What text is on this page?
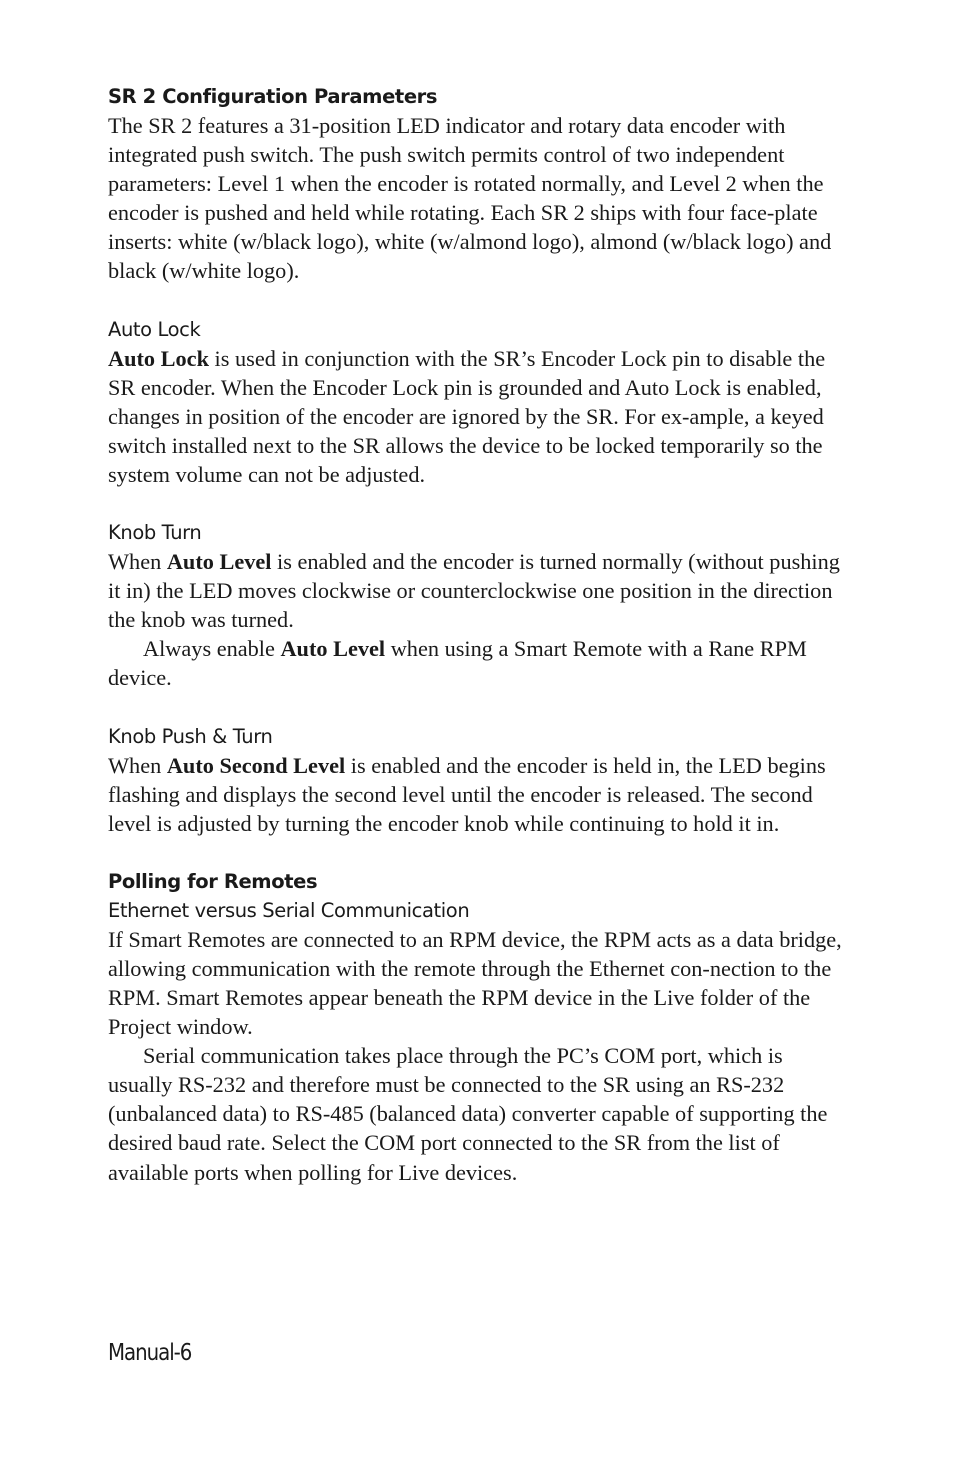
SR 2 Configuration Parameters

The SR 2 features a 31-position LED indicator and rotary data encoder with integrated push switch. The push switch permits control of two independent parameters: Level 1 when the encoder is rotated normally, and Level 2 when the encoder is pushed and held while rotating. Each SR 2 ships with four face-plate inserts: white (w/black logo), white (w/almond logo), almond (w/black logo) and black (w/white logo).

Auto Lock

Auto Lock is used in conjunction with the SR’s Encoder Lock pin to disable the SR encoder. When the Encoder Lock pin is grounded and Auto Lock is enabled, changes in position of the encoder are ignored by the SR. For ex-ample, a keyed switch installed next to the SR allows the device to be locked temporarily so the system volume can not be adjusted.

Knob Turn

When Auto Level is enabled and the encoder is turned normally (without pushing it in) the LED moves clockwise or counterclockwise one position in the direction the knob was turned.

Always enable Auto Level when using a Smart Remote with a Rane RPM device.

Knob Push & Turn

When Auto Second Level is enabled and the encoder is held in, the LED begins flashing and displays the second level until the encoder is released. The second level is adjusted by turning the encoder knob while continuing to hold it in.

Polling for Remotes
Ethernet versus Serial Communication

If Smart Remotes are connected to an RPM device, the RPM acts as a data bridge, allowing communication with the remote through the Ethernet con-nection to the RPM. Smart Remotes appear beneath the RPM device in the Live folder of the Project window.

Serial communication takes place through the PC’s COM port, which is usually RS-232 and therefore must be connected to the SR using an RS-232 (unbalanced data) to RS-485 (balanced data) converter capable of supporting the desired baud rate. Select the COM port connected to the SR from the list of available ports when polling for Live devices.

Manual-6
